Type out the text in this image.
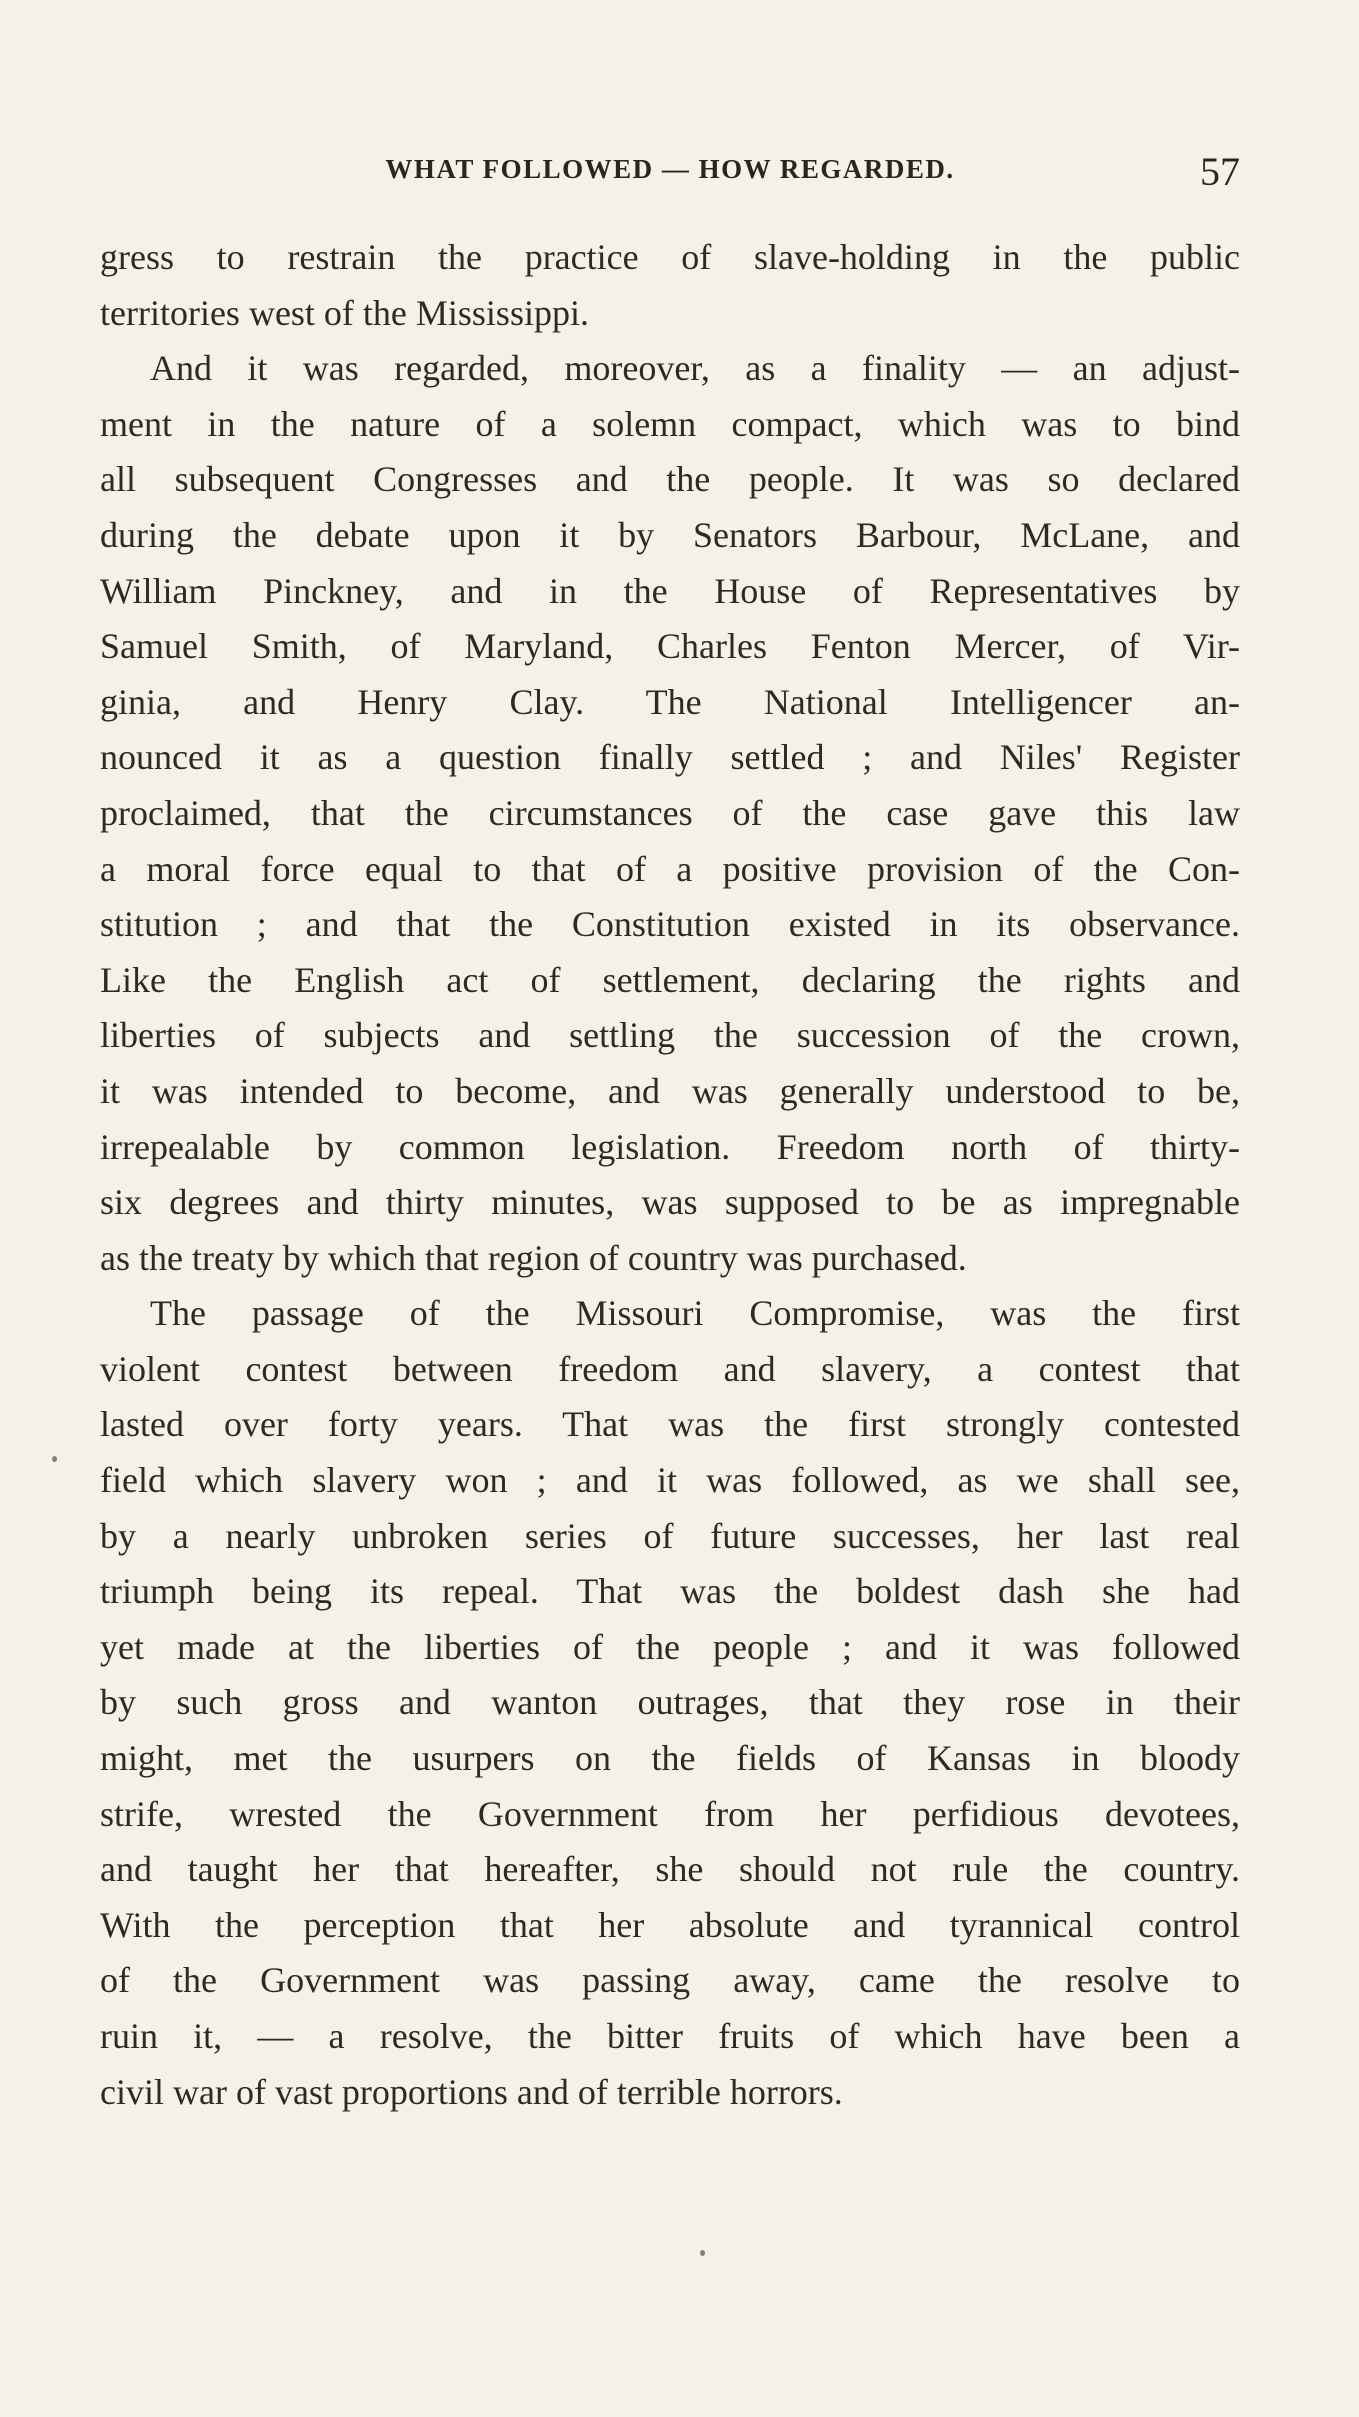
WHAT FOLLOWED — HOW REGARDED.	57
gress to restrain the practice of slave-holding in the public
territories west of the Mississippi.
And it was regarded, moreover, as a finality — an adjust-
ment in the nature of a solemn compact, which was to bind
all subsequent Congresses and the people. It was so declared
during the debate upon it by Senators Barbour, McLane, and
William Pinckney, and in the House of Representatives by
Samuel Smith, of Maryland, Charles Fenton Mercer, of Vir-
ginia, and Henry Clay. The National Intelligencer an-
nounced it as a question finally settled ; and Niles' Register
proclaimed, that the circumstances of the case gave this law
a moral force equal to that of a positive provision of the Con-
stitution ; and that the Constitution existed in its observance.
Like the English act of settlement, declaring the rights and
liberties of subjects and settling the succession of the crown,
it was intended to become, and was generally understood to be,
irrepealable by common legislation. Freedom north of thirty-
six degrees and thirty minutes, was supposed to be as impregnable
as the treaty by which that region of country was purchased.
The passage of the Missouri Compromise, was the first
violent contest between freedom and slavery, a contest that
lasted over forty years. That was the first strongly contested
field which slavery won ; and it was followed, as we shall see,
by a nearly unbroken series of future successes, her last real
triumph being its repeal. That was the boldest dash she had
yet made at the liberties of the people ; and it was followed
by such gross and wanton outrages, that they rose in their
might, met the usurpers on the fields of Kansas in bloody
strife, wrested the Government from her perfidious devotees,
and taught her that hereafter, she should not rule the country.
With the perception that her absolute and tyrannical control
of the Government was passing away, came the resolve to
ruin it, — a resolve, the bitter fruits of which have been a
civil war of vast proportions and of terrible horrors.
